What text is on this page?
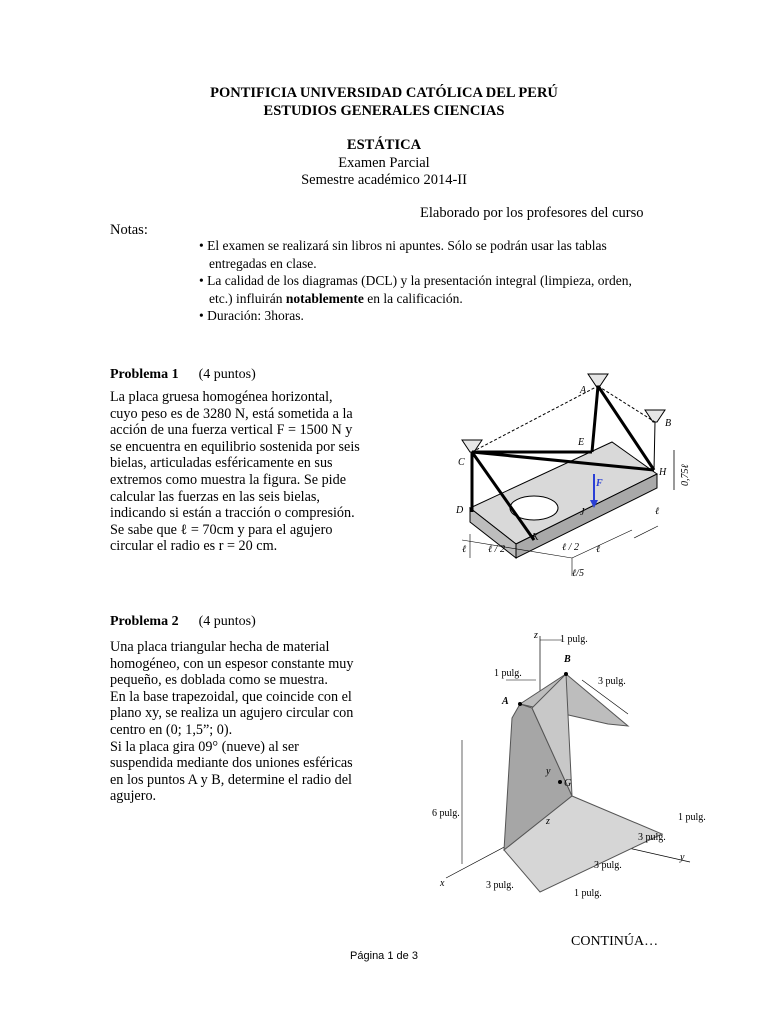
PONTIFICIA UNIVERSIDAD CATÓLICA DEL PERÚ
ESTUDIOS GENERALES CIENCIAS
ESTÁTICA
Examen Parcial
Semestre académico 2014-II
Elaborado por los profesores del curso
Notas:
• El examen se realizará sin libros ni apuntes. Sólo se podrán usar las tablas
entregadas en clase.
• La calidad de los diagramas (DCL) y la presentación integral (limpieza, orden,
etc.) influirán notablemente en la calificación.
• Duración: 3horas.
Problema 1 (4 puntos)
La placa gruesa homogénea horizontal,
cuyo peso es de 3280 N, está sometida a la
acción de una fuerza vertical F = 1500 N y
se encuentra en equilibrio sostenida por seis
bielas, articuladas esféricamente en sus
extremos como muestra la figura. Se pide
calcular las fuerzas en las seis bielas,
indicando si están a tracción o compresión.
Se sabe que ℓ = 70cm y para el agujero
circular el radio es r = 20 cm.
A
B
C
D
E
F
H
J
K
0,75ℓ
ℓ
ℓ ℓ / 2	ℓ / 2 ℓ
ℓ/5
Problema 2 (4 puntos)
Una placa triangular hecha de material
homogéneo, con un espesor constante muy
pequeño, es doblada como se muestra.
En la base trapezoidal, que coincide con el
plano xy, se realiza un agujero circular con
centro en (0; 1,5”; 0).
Si la placa gira 09° (nueve) al ser
suspendida mediante dos uniones esféricas
en los puntos A y B, determine el radio del
agujero.
z
x
y
A
B
G
y
z
1 pulg.
1 pulg.
3 pulg.
6 pulg.	1 pulg.
3 pulg.
3 pulg.
3 pulg.
1 pulg.
CONTINÚA…
Página 1 de 3
